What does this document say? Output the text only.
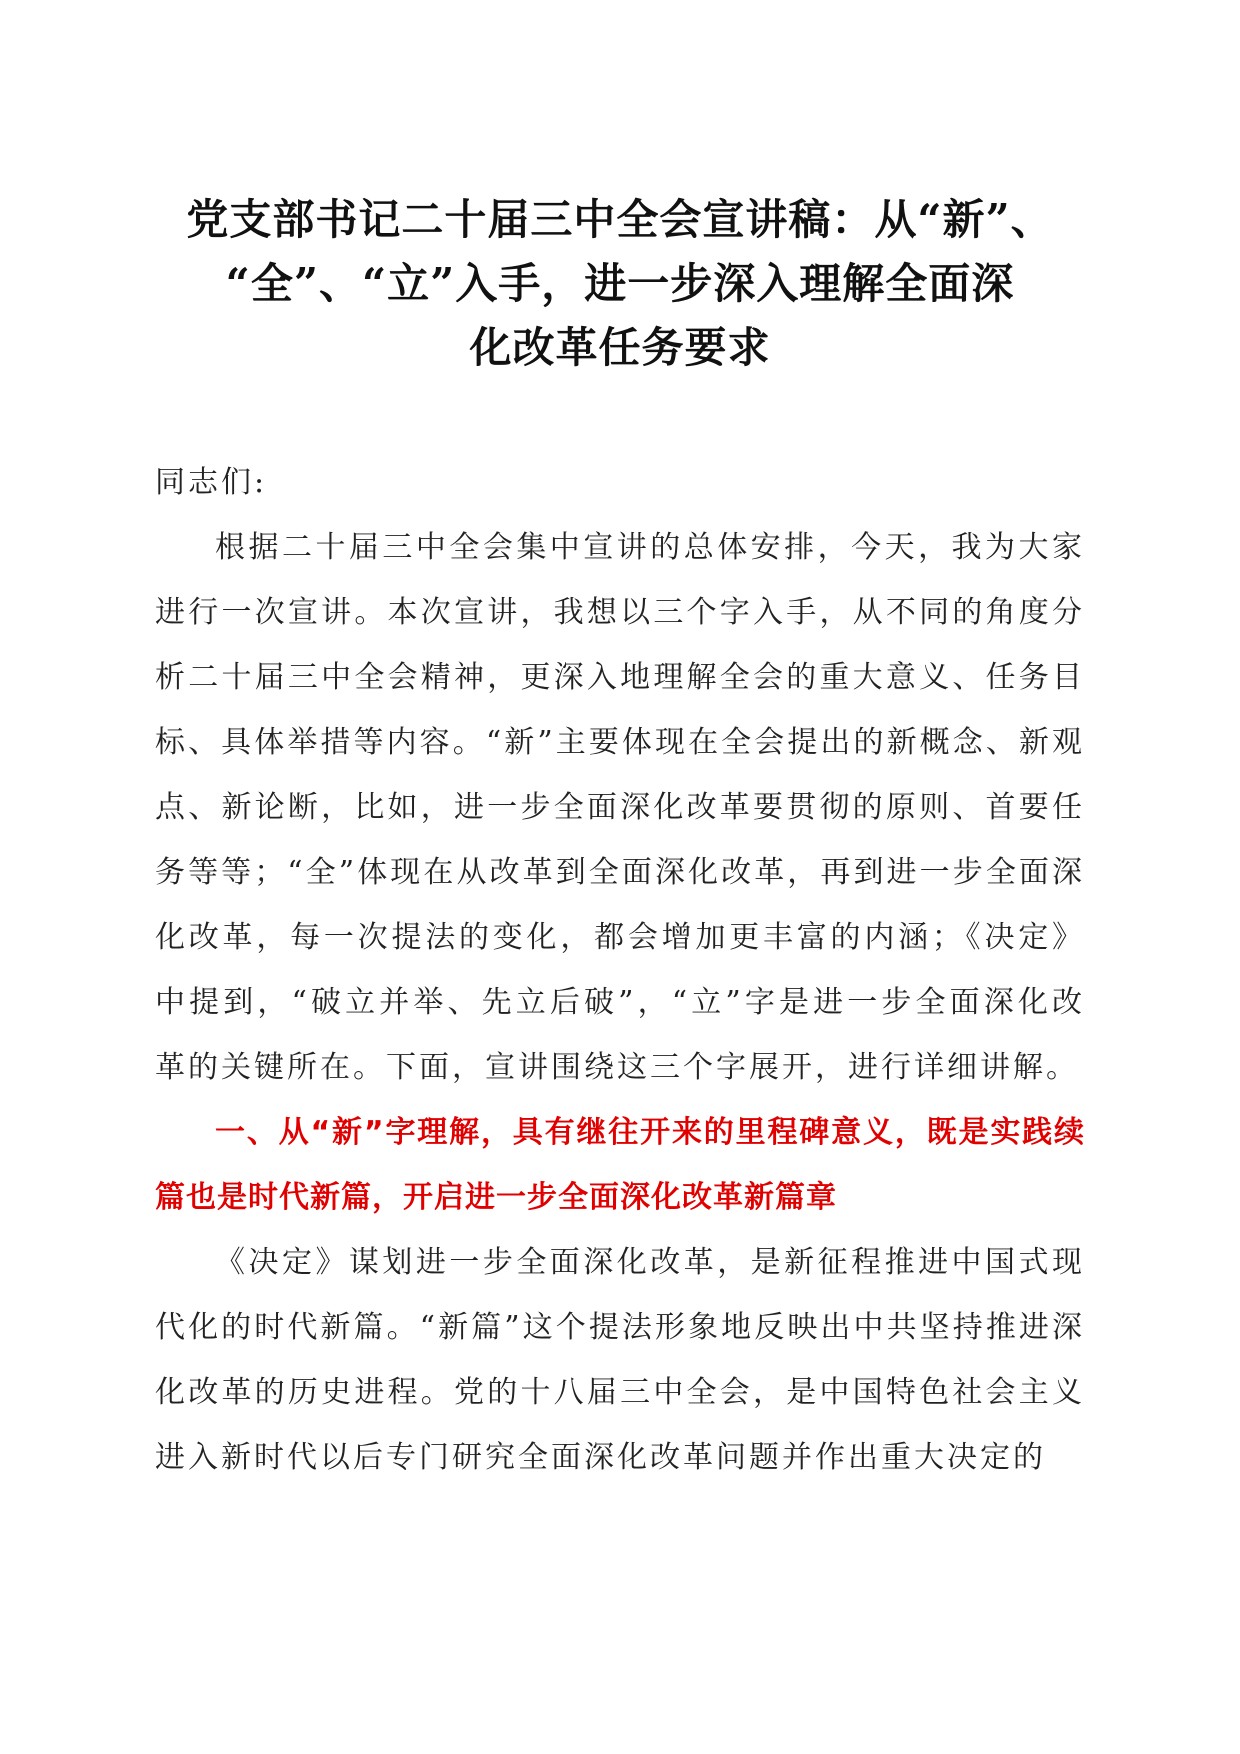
党支部书记二十届三中全会宣讲稿：从“新”、
“全”、“立”入手，进一步深入理解全面深
化改革任务要求

同志们:

根据二十届三中全会集中宣讲的总体安排，今天，我为大家进行一次宣讲。本次宣讲，我想以三个字入手，从不同的角度分析二十届三中全会精神，更深入地理解全会的重大意义、任务目标、具体举措等内容。“新”主要体现在全会提出的新概念、新观点、新论断，比如，进一步全面深化改革要贯彻的原则、首要任务等等；“全”体现在从改革到全面深化改革，再到进一步全面深化改革，每一次提法的变化，都会增加更丰富的内涵；《决定》中提到，“破立并举、先立后破”，“立”字是进一步全面深化改革的关键所在。下面，宣讲围绕这三个字展开，进行详细讲解。

一、从“新”字理解，具有继往开来的里程碑意义，既是实践续篇也是时代新篇，开启进一步全面深化改革新篇章

《决定》谋划进一步全面深化改革，是新征程推进中国式现代化的时代新篇。“新篇”这个提法形象地反映出中共坚持推进深化改革的历史进程。党的十八届三中全会，是中国特色社会主义进入新时代以后专门研究全面深化改革问题并作出重大决定的
